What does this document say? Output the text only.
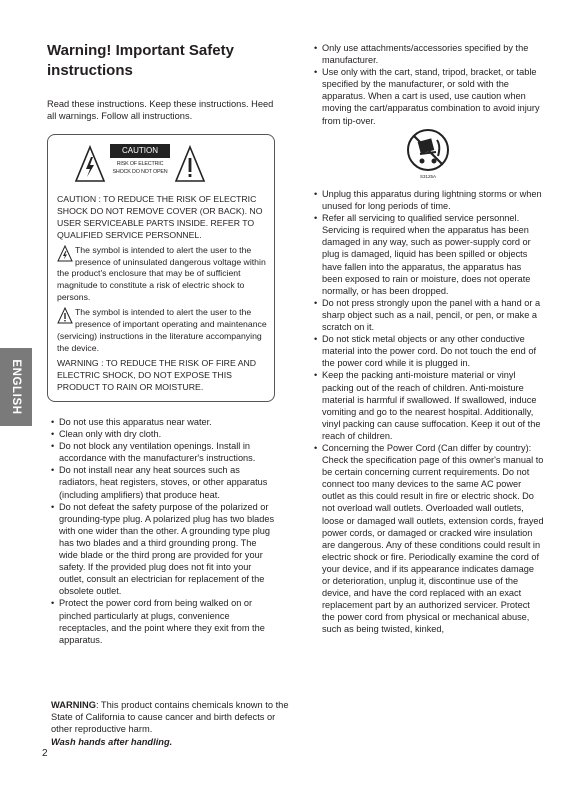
Warning! Important Safety instructions
Read these instructions. Keep these instructions. Heed all warnings. Follow all instructions.
CAUTION
RISK OF ELECTRIC SHOCK DO NOT OPEN

CAUTION : TO REDUCE THE RISK OF ELECTRIC SHOCK DO NOT REMOVE COVER (OR BACK). NO USER SERVICEABLE PARTS INSIDE. REFER TO QUALIFIED SERVICE PERSONNEL.

The symbol is intended to alert the user to the presence of uninsulated dangerous voltage within the product's enclosure that may be of sufficient magnitude to constitute a risk of electric shock to persons.

The symbol is intended to alert the user to the presence of important operating and maintenance (servicing) instructions in the literature accompanying the device.

WARNING : TO REDUCE THE RISK OF FIRE AND ELECTRIC SHOCK, DO NOT EXPOSE THIS PRODUCT TO RAIN OR MOISTURE.

• Do not use this apparatus near water.
• Clean only with dry cloth.
• Do not block any ventilation openings. Install in accordance with the manufacturer's instructions.
• Do not install near any heat sources such as radiators, heat registers, stoves, or other apparatus (including amplifiers) that produce heat.
• Do not defeat the safety purpose of the polarized or grounding-type plug. A polarized plug has two blades with one wider than the other. A grounding type plug has two blades and a third grounding prong. The wide blade or the third prong are provided for your safety. If the provided plug does not fit into your outlet, consult an electrician for replacement of the obsolete outlet.
• Protect the power cord from being walked on or pinched particularly at plugs, convenience receptacles, and the point where they exit from the apparatus.
• Only use attachments/accessories specified by the manufacturer.
• Use only with the cart, stand, tripod, bracket, or table specified by the manufacturer, or sold with the apparatus. When a cart is used, use caution when moving the cart/apparatus combination to avoid injury from tip-over.
S3125A
• Unplug this apparatus during lightning storms or when unused for long periods of time.
• Refer all servicing to qualified service personnel. Servicing is required when the apparatus has been damaged in any way, such as power-supply cord or plug is damaged, liquid has been spilled or objects have fallen into the apparatus, the apparatus has been exposed to rain or moisture, does not operate normally, or has been dropped.
• Do not press strongly upon the panel with a hand or a sharp object such as a nail, pencil, or pen, or make a scratch on it.
• Do not stick metal objects or any other conductive material into the power cord. Do not touch the end of the power cord while it is plugged in.
• Keep the packing anti-moisture material or vinyl packing out of the reach of children. Anti-moisture material is harmful if swallowed. If swallowed, induce vomiting and go to the nearest hospital. Additionally, vinyl packing can cause suffocation. Keep it out of the reach of children.
• Concerning the Power Cord (Can differ by country): Check the specification page of this owner's manual to be certain concerning current requirements. Do not connect too many devices to the same AC power outlet as this could result in fire or electric shock. Do not overload wall outlets. Overloaded wall outlets, loose or damaged wall outlets, extension cords, frayed power cords, or damaged or cracked wire insulation are dangerous. Any of these conditions could result in electric shock or fire. Periodically examine the cord of your device, and if its appearance indicates damage or deterioration, unplug it, discontinue use of the device, and have the cord replaced with an exact replacement part by an authorized servicer. Protect the power cord from physical or mechanical abuse, such as being twisted, kinked,
WARNING: This product contains chemicals known to the State of California to cause cancer and birth defects or other reproductive harm.
Wash hands after handling.
2
ENGLISH
